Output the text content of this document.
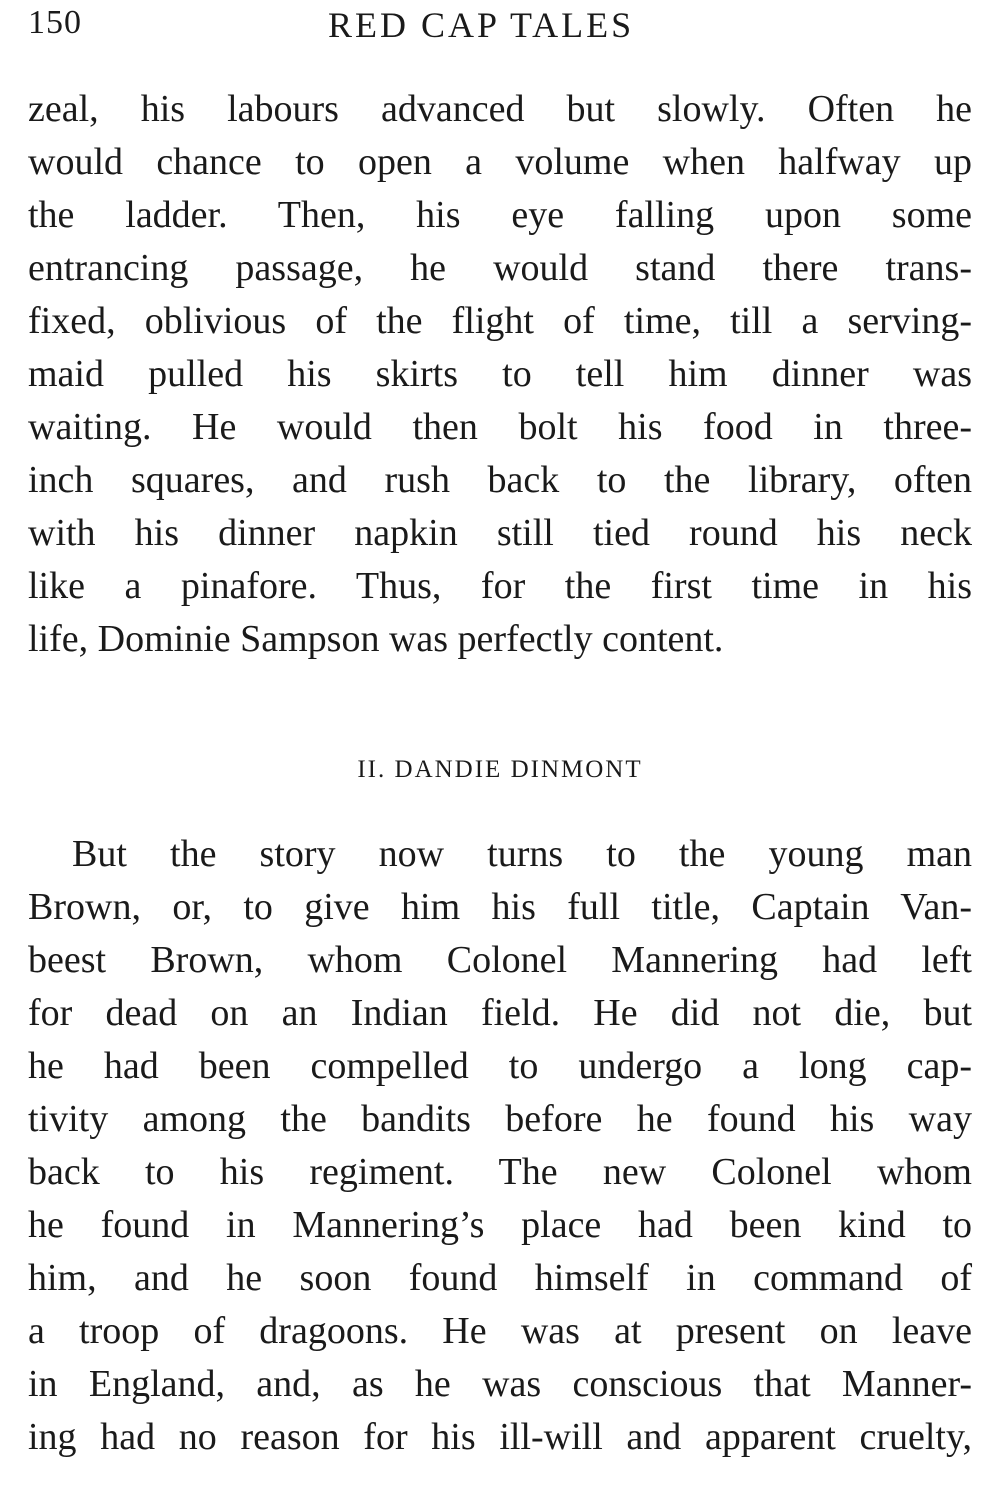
150	RED CAP TALES
zeal, his labours advanced but slowly. Often he
would chance to open a volume when halfway up
the ladder. Then, his eye falling upon some
entrancing passage, he would stand there trans-
fixed, oblivious of the flight of time, till a serving-
maid pulled his skirts to tell him dinner was
waiting. He would then bolt his food in three-
inch squares, and rush back to the library, often
with his dinner napkin still tied round his neck
like a pinafore. Thus, for the first time in his
life, Dominie Sampson was perfectly content.
II. DANDIE DINMONT
But the story now turns to the young man
Brown, or, to give him his full title, Captain Van-
beest Brown, whom Colonel Mannering had left
for dead on an Indian field. He did not die, but
he had been compelled to undergo a long cap-
tivity among the bandits before he found his way
back to his regiment. The new Colonel whom
he found in Mannering’s place had been kind to
him, and he soon found himself in command of
a troop of dragoons. He was at present on leave
in England, and, as he was conscious that Manner-
ing had no reason for his ill-will and apparent cruelty,
